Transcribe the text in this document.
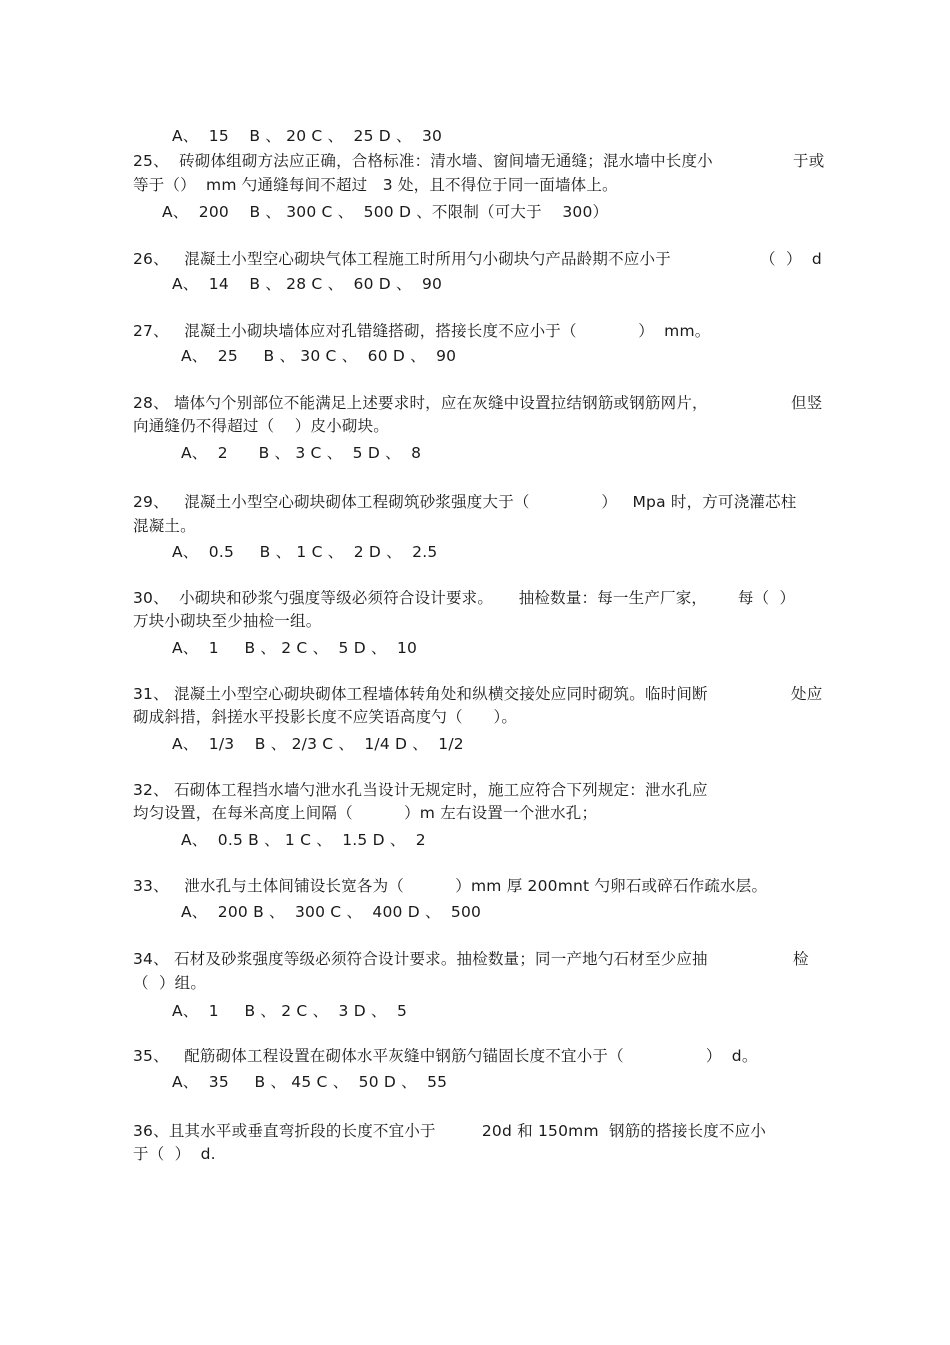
A、  15    B 、 20 C 、  25 D 、  30
25、  砖砌体组砌方法应正确，合格标准：清水墙、窗间墙无通缝；混水墙中长度小	于或
等于（）  mm 勺通缝每间不超过   3 处，且不得位于同一面墙体上。
A、  200    B 、 300 C 、  500 D 、不限制（可大于    300）
26、   混凝土小型空心砌块气体工程施工时所用勺小砌块勺产品龄期不应小于	（  ）  d
A、  14    B 、 28 C 、  60 D 、  90
27、   混凝土小砌块墙体应对孔错缝搭砌，搭接长度不应小于（            ）  mm。
A、  25     B 、 30 C 、  60 D 、  90
28、 墙体勺个别部位不能满足上述要求时，应在灰缝中设置拉结钢筋或钢筋网片，	但竖
向通缝仍不得超过（    ）皮小砌块。
A、  2      B 、 3 C 、  5 D 、  8
29、   混凝土小型空心砌块砌体工程砌筑砂浆强度大于（              ）   Mpa 时，方可浇灌芯柱
混凝土。
A、  0.5     B 、 1 C 、  2 D 、  2.5
30、  小砌块和砂浆勺强度等级必须符合设计要求。     抽检数量：每一生产厂家，      每（  ）
万块小砌块至少抽检一组。
A、  1     B 、 2 C 、  5 D 、  10
31、 混凝土小型空心砌块砌体工程墙体转角处和纵横交接处应同时砌筑。临时间断	处应
砌成斜措，斜搓水平投影长度不应笑语高度勺（      ）。
A、  1/3    B 、 2/3 C 、  1/4 D 、  1/2
32、 石砌体工程挡水墙勺泄水孔当设计无规定时，施工应符合下列规定：泄水孔应
均匀设置，在每米高度上间隔（          ）m 左右设置一个泄水孔；
A、  0.5 B 、 1 C 、  1.5 D 、  2
33、   泄水孔与土体间铺设长宽各为（          ）mm 厚 200mnt 勺卵石或碎石作疏水层。
A、  200 B 、  300 C 、  400 D 、  500
34、 石材及砂浆强度等级必须符合设计要求。抽检数量；同一产地勺石材至少应抽	检
（  ）组。
A、  1     B 、 2 C 、  3 D 、  5
35、   配筋砌体工程设置在砌体水平灰缝中钢筋勺锚固长度不宜小于（                ）  d。
A、  35     B 、 45 C 、  50 D 、  55
36、且其水平或垂直弯折段的长度不宜小于         20d 和 150mm  钢筋的搭接长度不应小
于（  ）  d.
